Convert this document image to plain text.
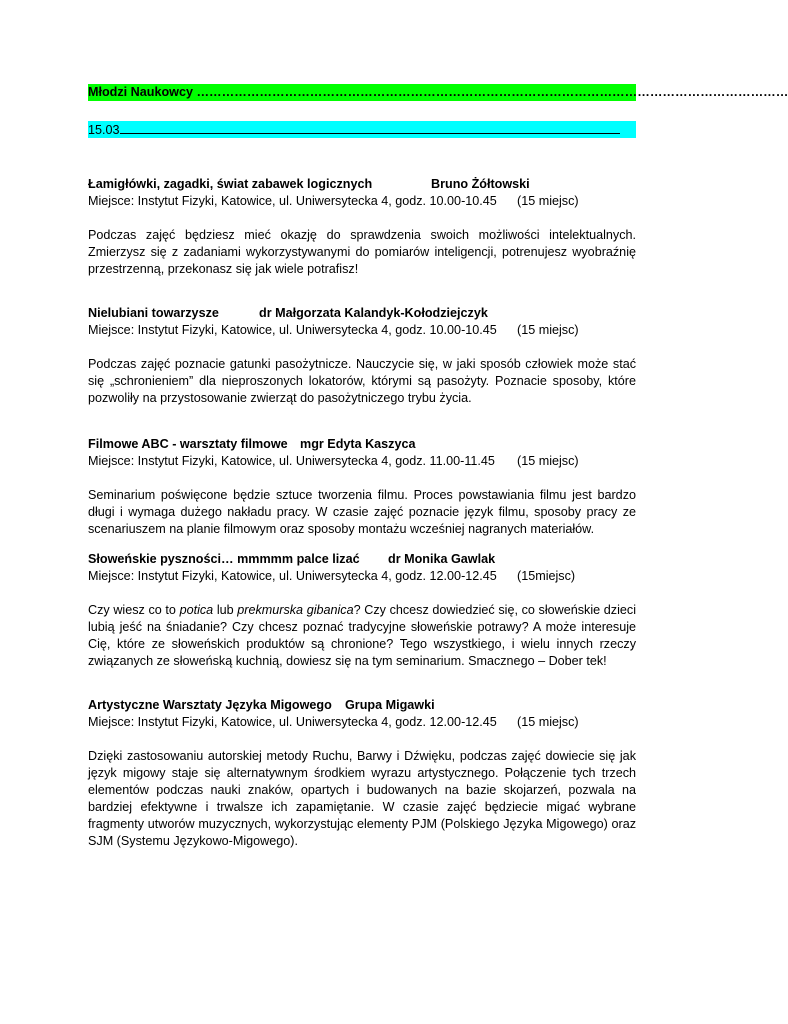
Młodzi Naukowcy ……………………………………………………………………………………………………………………………
15.03
Łamigłówki, zagadki, świat zabawek logicznych	Bruno Żółtowski
Miejsce: Instytut Fizyki, Katowice, ul. Uniwersytecka 4, godz. 10.00-10.45 (15 miejsc)

Podczas zajęć będziesz mieć okazję do sprawdzenia swoich możliwości intelektualnych. Zmierzysz się z zadaniami wykorzystywanymi do pomiarów inteligencji, potrenujesz wyobraźnię przestrzenną, przekonasz się jak wiele potrafisz!

Nielubiani towarzysze	dr Małgorzata Kalandyk-Kołodziejczyk
Miejsce: Instytut Fizyki, Katowice, ul. Uniwersytecka 4, godz. 10.00-10.45 (15 miejsc)

Podczas zajęć poznacie gatunki pasożytnicze. Nauczycie się, w jaki sposób człowiek może stać się „schronieniem” dla nieproszonych lokatorów, którymi są pasożyty. Poznacie sposoby, które pozwoliły na przystosowanie zwierząt do pasożytniczego trybu życia.

Filmowe ABC - warsztaty filmowe mgr Edyta Kaszyca
Miejsce: Instytut Fizyki, Katowice, ul. Uniwersytecka 4, godz. 11.00-11.45 (15 miejsc)

Seminarium poświęcone będzie sztuce tworzenia filmu. Proces powstawiania filmu jest bardzo długi i wymaga dużego nakładu pracy. W czasie zajęć poznacie język filmu, sposoby pracy ze scenariuszem na planie filmowym oraz sposoby montażu wcześniej nagranych materiałów.

Słoweńskie pyszności… mmmmm palce lizać dr Monika Gawlak
Miejsce: Instytut Fizyki, Katowice, ul. Uniwersytecka 4, godz. 12.00-12.45 (15miejsc)

Czy wiesz co to potica lub prekmurska gibanica? Czy chcesz dowiedzieć się, co słoweńskie dzieci lubią jeść na śniadanie? Czy chcesz poznać tradycyjne słoweńskie potrawy? A może interesuje Cię, które ze słoweńskich produktów są chronione? Tego wszystkiego, i wielu innych rzeczy związanych ze słoweńską kuchnią, dowiesz się na tym seminarium. Smacznego – Dober tek!

Artystyczne Warsztaty Języka Migowego Grupa Migawki
Miejsce: Instytut Fizyki, Katowice, ul. Uniwersytecka 4, godz. 12.00-12.45 (15 miejsc)

Dzięki zastosowaniu autorskiej metody Ruchu, Barwy i Dźwięku, podczas zajęć dowiecie się jak język migowy staje się alternatywnym środkiem wyrazu artystycznego. Połączenie tych trzech elementów podczas nauki znaków, opartych i budowanych na bazie skojarzeń, pozwala na bardziej efektywne i trwalsze ich zapamiętanie. W czasie zajęć będziecie migać wybrane fragmenty utworów muzycznych, wykorzystując elementy PJM (Polskiego Języka Migowego) oraz SJM (Systemu Językowo-Migowego).
